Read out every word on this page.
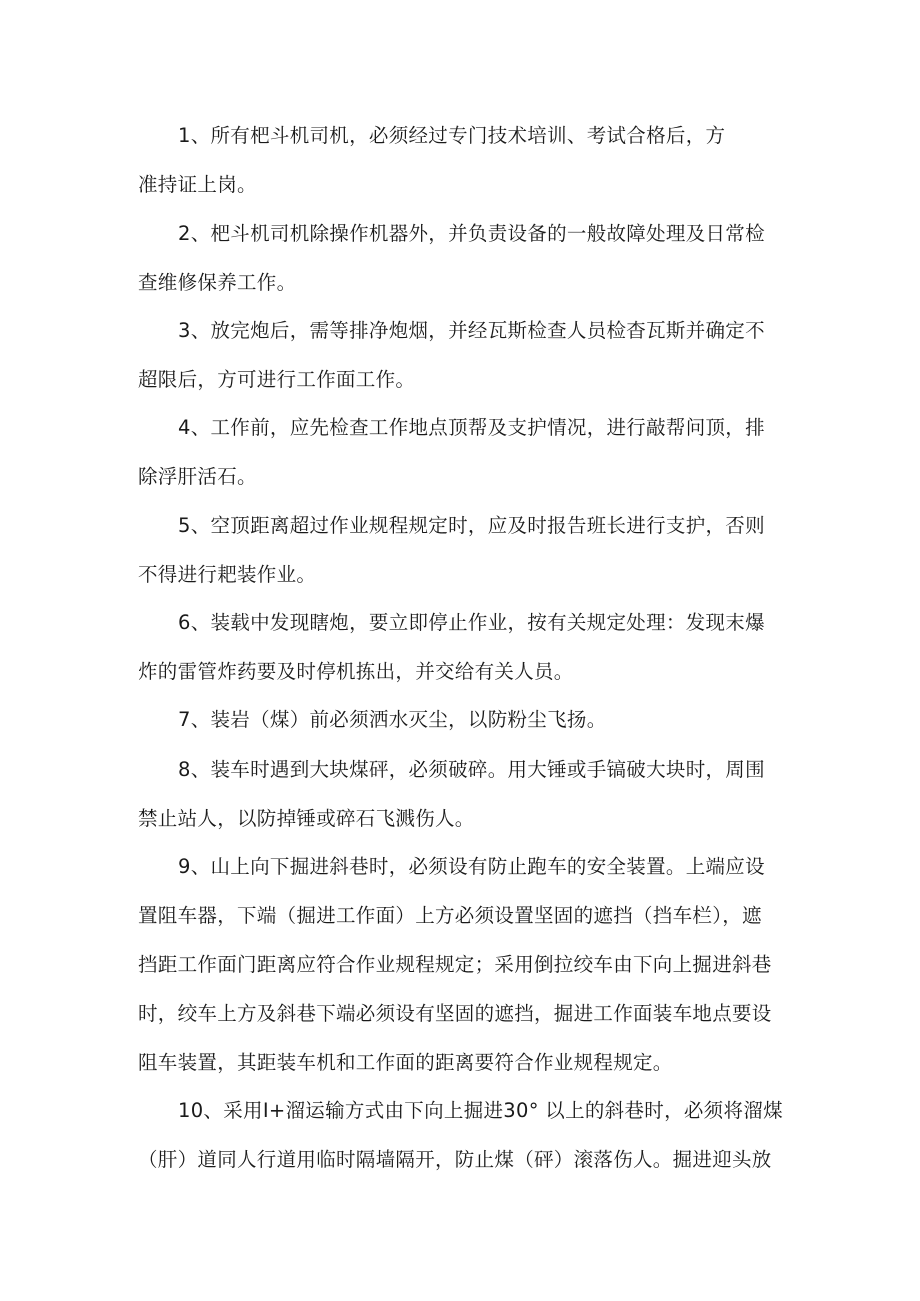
1、所有杷斗机司机，必须经过专门技术培训、考试合格后，方
准持证上岗。
2、杷斗机司机除操作机器外，并负责设备的一般故障处理及日常检
查维修保养工作。
3、放完炮后，需等排净炮烟，并经瓦斯检查人员检杳瓦斯并确定不
超限后，方可进行工作面工作。
4、工作前，应先检查工作地点顶帮及支护情况，进行敲帮问顶，排
除浮肝活石。
5、空顶距离超过作业规程规定时，应及时报告班长进行支护，否则
不得进行耙装作业。
6、装载中发现瞎炮，要立即停止作业，按有关规定处理：发现末爆
炸的雷管炸药要及时停机拣出，并交给有关人员。
7、装岩（煤）前必须洒水灭尘，以防粉尘飞扬。
8、装车时遇到大块煤砰，必须破碎。用大锤或手镐破大块时，周围
禁止站人，以防掉锤或碎石飞溅伤人。
9、山上向下掘进斜巷时，必须设有防止跑车的安全装置。上端应设
置阻车器，下端（掘进工作面）上方必须设置坚固的遮挡（挡车栏），遮
挡距工作面门距离应符合作业规程规定；采用倒拉绞车由下向上掘进斜巷
时，绞车上方及斜巷下端必须设有坚固的遮挡，掘进工作面装车地点要设
阻车装置，其距装车机和工作面的距离要符合作业规程规定。
10、采用I+溜运输方式由下向上掘进30° 以上的斜巷时，必须将溜煤
（肝）道同人行道用临时隔墙隔开，防止煤（砰）滚落伤人。掘进迎头放
